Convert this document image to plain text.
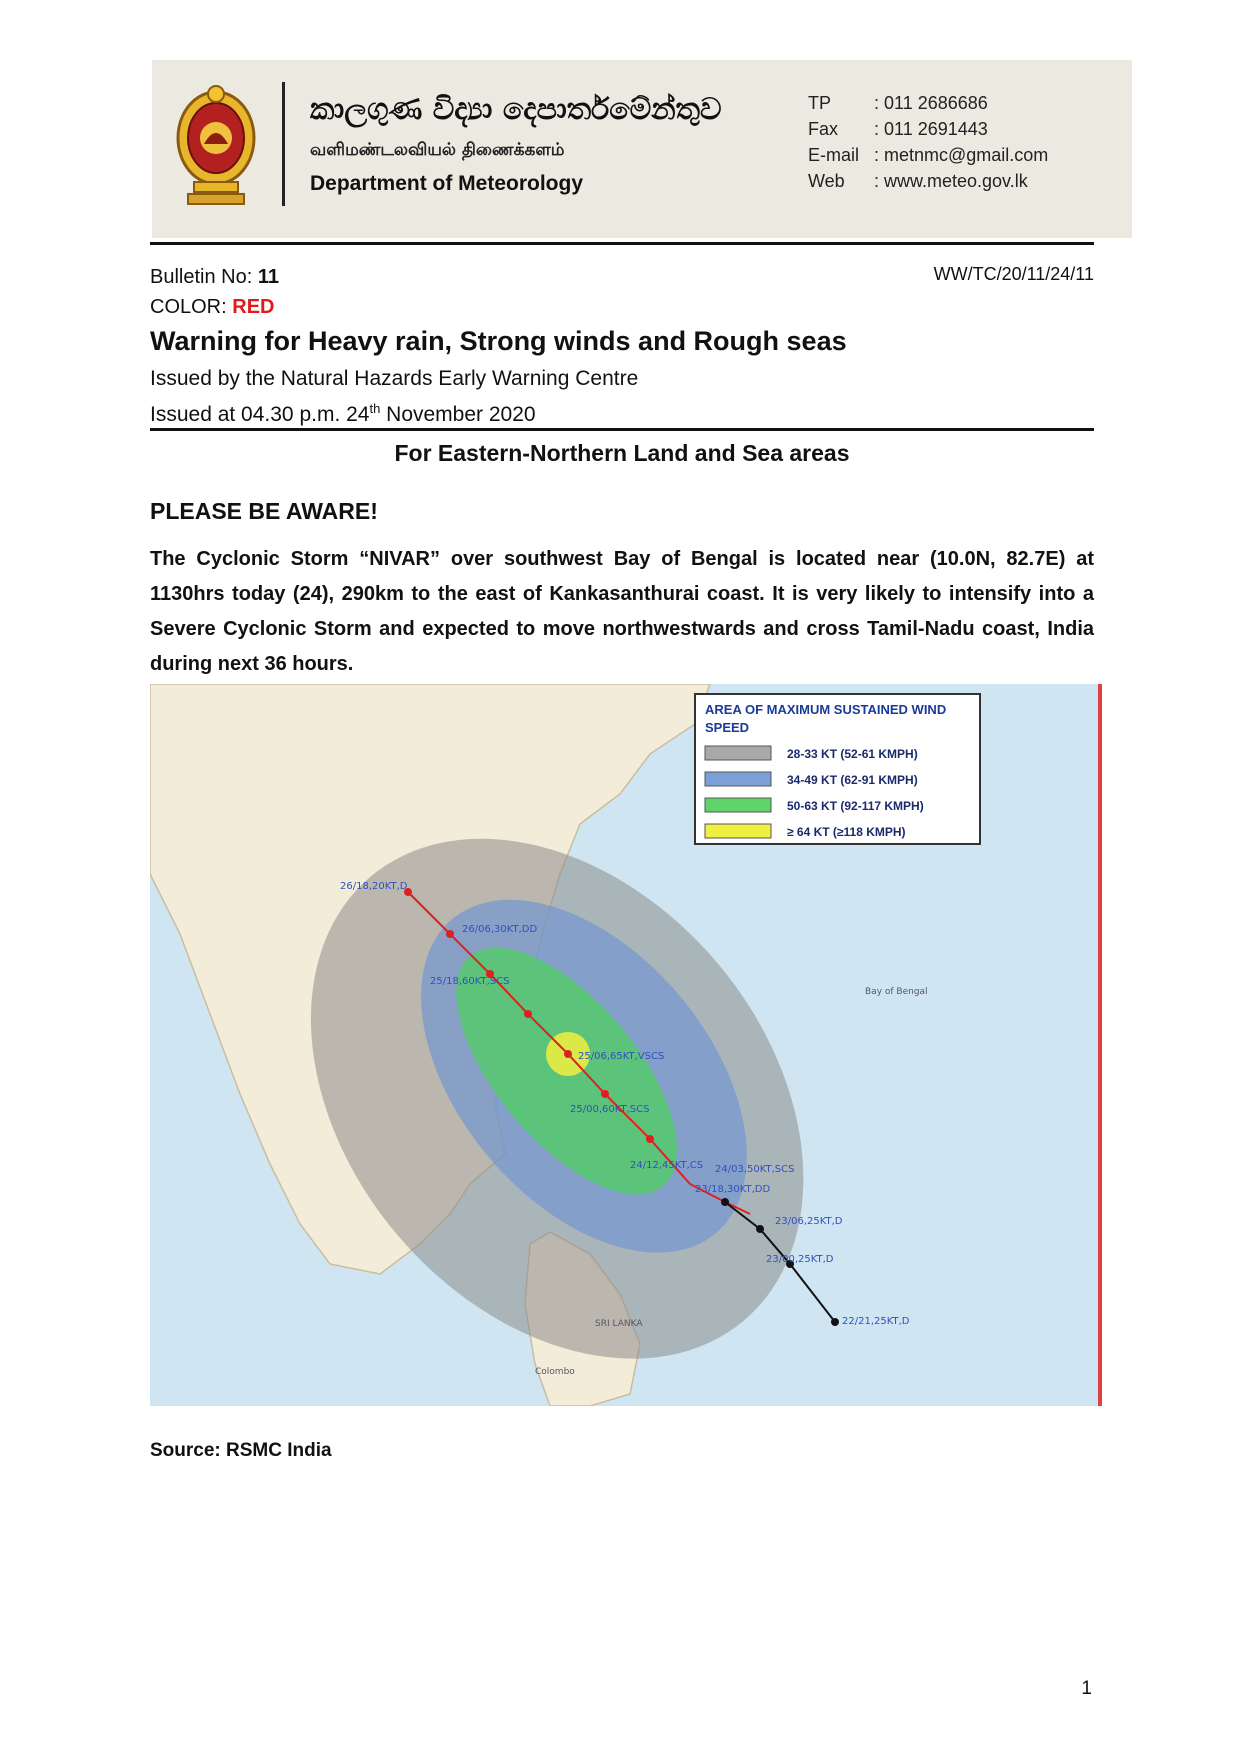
කාලගුණ විද්‍යා දෙපාර්තමේන්තුව
வளிமண்டலவியல் திணைக்களம்
Department of Meteorology
TP	: 011 2686686
Fax	: 011 2691443
E-mail : metnmc@gmail.com
Web	: www.meteo.gov.lk
Bulletin No: 11
COLOR: RED
WW/TC/20/11/24/11
Warning for Heavy rain, Strong winds and Rough seas
Issued by the Natural Hazards Early Warning Centre
Issued at 04.30 p.m. 24th November 2020
For Eastern-Northern Land and Sea areas
PLEASE BE AWARE!
The Cyclonic Storm “NIVAR” over southwest Bay of Bengal is located near (10.0N, 82.7E) at 1130hrs today (24), 290km to the east of Kankasanthurai coast. It is very likely to intensify into a Severe Cyclonic Storm and expected to move northwestwards and cross Tamil-Nadu coast, India during next 36 hours.
26/18,20KT,D
26/06,30KT,DD
25/18,60KT,SCS
25/06,65KT,VSCS
25/00,60KT,SCS
24/12,45KT,CS 24/03,50KT,SCS
23/18,30KT,DD
23/06,25KT,D
23/00,25KT,D
22/21,25KT,D
Bay of Bengal
SRI LANKA
Colombo
AREA OF MAXIMUM SUSTAINED WIND
SPEED
28-33 KT (52-61 KMPH)
34-49 KT (62-91 KMPH)
50-63 KT (92-117 KMPH)
≥ 64 KT (≥118 KMPH)
Source: RSMC India
1
